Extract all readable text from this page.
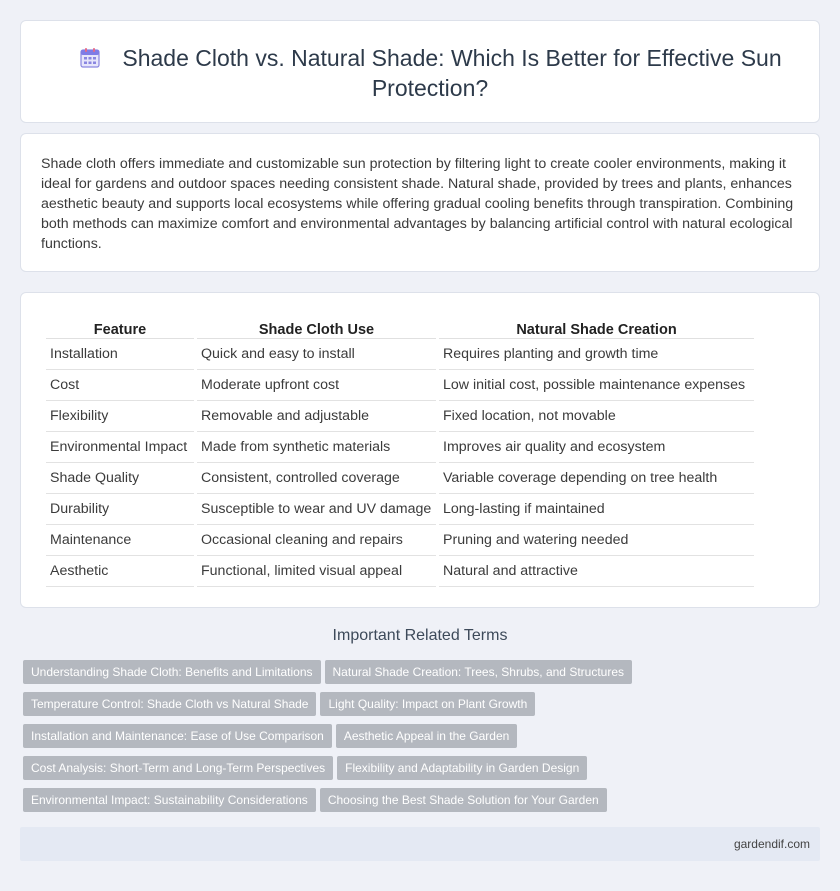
Shade Cloth vs. Natural Shade: Which Is Better for Effective Sun Protection?

Shade cloth offers immediate and customizable sun protection by filtering light to create cooler environments, making it ideal for gardens and outdoor spaces needing consistent shade. Natural shade, provided by trees and plants, enhances aesthetic beauty and supports local ecosystems while offering gradual cooling benefits through transpiration. Combining both methods can maximize comfort and environmental advantages by balancing artificial control with natural ecological functions.

Feature	Shade Cloth Use	Natural Shade Creation
Installation	Quick and easy to install	Requires planting and growth time
Cost	Moderate upfront cost	Low initial cost, possible maintenance expenses
Flexibility	Removable and adjustable	Fixed location, not movable
Environmental Impact	Made from synthetic materials	Improves air quality and ecosystem
Shade Quality	Consistent, controlled coverage	Variable coverage depending on tree health
Durability	Susceptible to wear and UV damage	Long-lasting if maintained
Maintenance	Occasional cleaning and repairs	Pruning and watering needed
Aesthetic	Functional, limited visual appeal	Natural and attractive
Important Related Terms
Understanding Shade Cloth: Benefits and Limitations Natural Shade Creation: Trees, Shrubs, and Structures
Temperature Control: Shade Cloth vs Natural Shade Light Quality: Impact on Plant Growth
Installation and Maintenance: Ease of Use Comparison Aesthetic Appeal in the Garden
Cost Analysis: Short-Term and Long-Term Perspectives Flexibility and Adaptability in Garden Design
Environmental Impact: Sustainability Considerations Choosing the Best Shade Solution for Your Garden
gardendif.com
